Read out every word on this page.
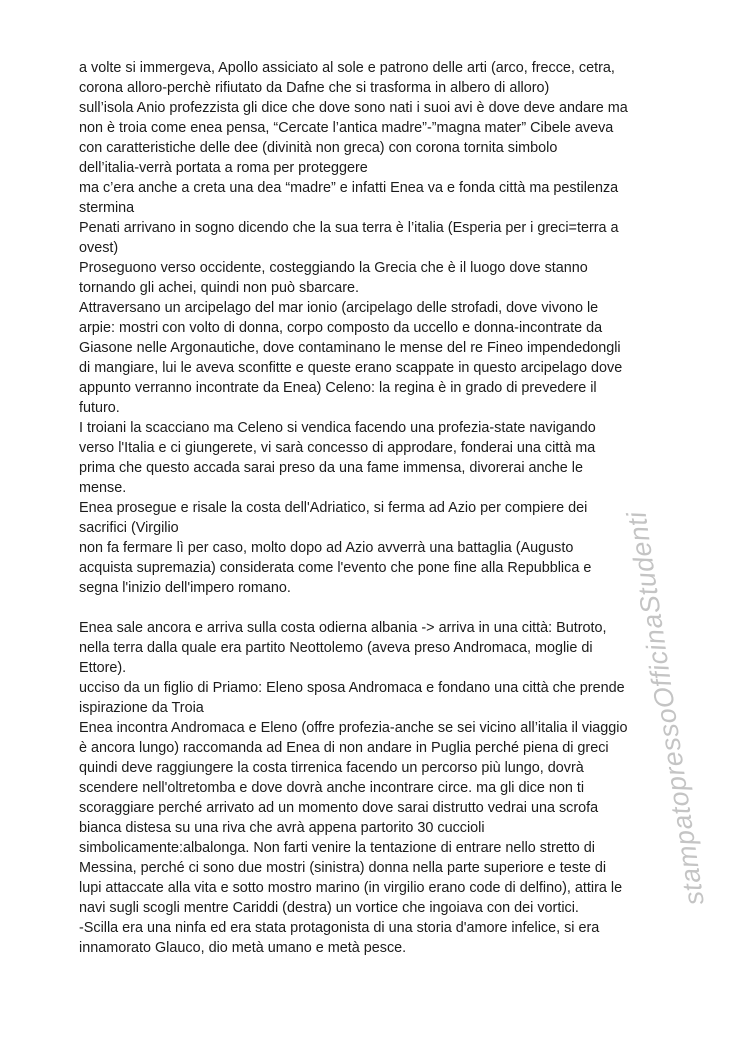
a volte si immergeva, Apollo assiciato al sole e patrono delle arti (arco, frecce, cetra,
corona alloro-perchè rifiutato da Dafne che si trasforma in albero di alloro)
sull’isola Anio profezzista gli dice che dove sono nati i suoi avi è dove deve andare ma
non è troia come enea pensa, “Cercate l’antica madre”-”magna mater” Cibele aveva
con caratteristiche delle dee (divinità non greca) con corona tornita simbolo
dell’italia-verrà portata a roma per proteggere
ma c’era anche a creta una dea “madre” e infatti Enea va e fonda città ma pestilenza
stermina
Penati arrivano in sogno dicendo che la sua terra è l’italia (Esperia per i greci=terra a
ovest)
Proseguono verso occidente, costeggiando la Grecia che è il luogo dove stanno
tornando gli achei, quindi non può sbarcare.
Attraversano un arcipelago del mar ionio (arcipelago delle strofadi, dove vivono le
arpie: mostri con volto di donna, corpo composto da uccello e donna-incontrate da
Giasone nelle Argonautiche, dove contaminano le mense del re Fineo impendedongli
di mangiare, lui le aveva sconfitte e queste erano scappate in questo arcipelago dove
appunto verranno incontrate da Enea) Celeno: la regina è in grado di prevedere il
futuro.
I troiani la scacciano ma Celeno si vendica facendo una profezia-state navigando
verso l'Italia e ci giungerete, vi sarà concesso di approdare, fonderai una città ma
prima che questo accada sarai preso da una fame immensa, divorerai anche le
mense.
Enea prosegue e risale la costa dell'Adriatico, si ferma ad Azio per compiere dei
sacrifici (Virgilio
non fa fermare lì per caso, molto dopo ad Azio avverrà una battaglia (Augusto
acquista supremazia) considerata come l'evento che pone fine alla Repubblica e
segna l'inizio dell'impero romano.
Enea sale ancora e arriva sulla costa odierna albania -> arriva in una città: Butroto,
nella terra dalla quale era partito Neottolemo (aveva preso Andromaca, moglie di
Ettore).
ucciso da un figlio di Priamo: Eleno sposa Andromaca e fondano una città che prende
ispirazione da Troia
Enea incontra Andromaca e Eleno (offre profezia-anche se sei vicino all’italia il viaggio
è ancora lungo) raccomanda ad Enea di non andare in Puglia perché piena di greci
quindi deve raggiungere la costa tirrenica facendo un percorso più lungo, dovrà
scendere nell'oltretomba e dove dovrà anche incontrare circe. ma gli dice non ti
scoraggiare perché arrivato ad un momento dove sarai distrutto vedrai una scrofa
bianca distesa su una riva che avrà appena partorito 30 cuccioli
simbolicamente:albalonga. Non farti venire la tentazione di entrare nello stretto di
Messina, perché ci sono due mostri (sinistra) donna nella parte superiore e teste di
lupi attaccate alla vita e sotto mostro marino (in virgilio erano code di delfino), attira le
navi sugli scogli mentre Cariddi (destra) un vortice che ingoiava con dei vortici.
-Scilla era una ninfa ed era stata protagonista di una storia d'amore infelice, si era
innamorato Glauco, dio metà umano e metà pesce.
stampatopressoOfficinaStudenti
